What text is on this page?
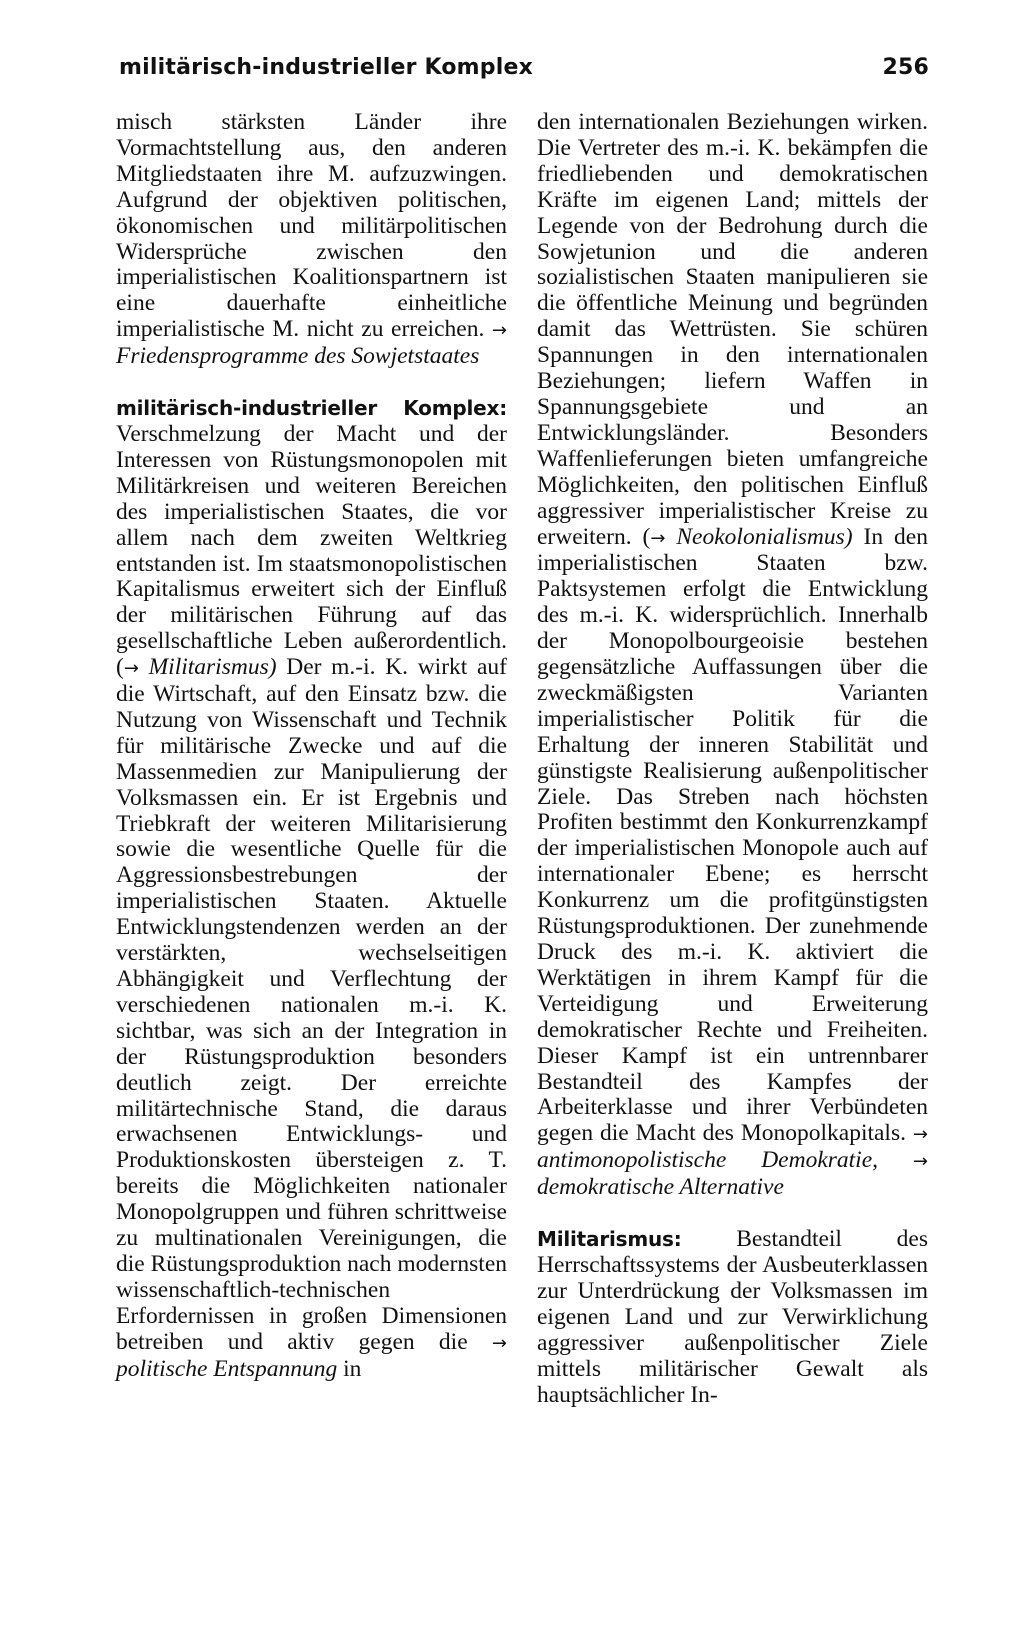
militärisch-industrieller Komplex	256

misch stärksten Länder ihre Vormachtstellung aus, den anderen Mitgliedstaaten ihre M. aufzuzwingen. Aufgrund der objektiven politischen, ökonomischen und militärpolitischen Widersprüche zwischen den imperialistischen Koalitionspartnern ist eine dauerhafte einheitliche imperialistische M. nicht zu erreichen. → Friedensprogramme des Sowjetstaates

militärisch-industrieller Komplex: Verschmelzung der Macht und der Interessen von Rüstungsmonopolen mit Militärkreisen und weiteren Bereichen des imperialistischen Staates, die vor allem nach dem zweiten Weltkrieg entstanden ist. Im staatsmonopolistischen Kapitalismus erweitert sich der Einfluß der militärischen Führung auf das gesellschaftliche Leben außerordentlich. (→ Militarismus) Der m.-i. K. wirkt auf die Wirtschaft, auf den Einsatz bzw. die Nutzung von Wissenschaft und Technik für militärische Zwecke und auf die Massenmedien zur Manipulierung der Volksmassen ein. Er ist Ergebnis und Triebkraft der weiteren Militarisierung sowie die wesentliche Quelle für die Aggressionsbestrebungen der imperialistischen Staaten. Aktuelle Entwicklungstendenzen werden an der verstärkten, wechselseitigen Abhängigkeit und Verflechtung der verschiedenen nationalen m.-i. K. sichtbar, was sich an der Integration in der Rüstungsproduktion besonders deutlich zeigt. Der erreichte militärtechnische Stand, die daraus erwachsenen Entwicklungs- und Produktionskosten übersteigen z. T. bereits die Möglichkeiten nationaler Monopolgruppen und führen schrittweise zu multinationalen Vereinigungen, die die Rüstungsproduktion nach modernsten wissenschaftlich-technischen Erfordernissen in großen Dimensionen betreiben und aktiv gegen die → politische Entspannung in

den internationalen Beziehungen wirken. Die Vertreter des m.-i. K. bekämpfen die friedliebenden und demokratischen Kräfte im eigenen Land; mittels der Legende von der Bedrohung durch die Sowjetunion und die anderen sozialistischen Staaten manipulieren sie die öffentliche Meinung und begründen damit das Wettrüsten. Sie schüren Spannungen in den internationalen Beziehungen; liefern Waffen in Spannungsgebiete und an Entwicklungsländer. Besonders Waffenlieferungen bieten umfangreiche Möglichkeiten, den politischen Einfluß aggressiver imperialistischer Kreise zu erweitern. (→ Neokolonialismus) In den imperialistischen Staaten bzw. Paktsystemen erfolgt die Entwicklung des m.-i. K. widersprüchlich. Innerhalb der Monopolbourgeoisie bestehen gegensätzliche Auffassungen über die zweckmäßigsten Varianten imperialistischer Politik für die Erhaltung der inneren Stabilität und günstigste Realisierung außenpolitischer Ziele. Das Streben nach höchsten Profiten bestimmt den Konkurrenzkampf der imperialistischen Monopole auch auf internationaler Ebene; es herrscht Konkurrenz um die profitgünstigsten Rüstungsproduktionen. Der zunehmende Druck des m.-i. K. aktiviert die Werktätigen in ihrem Kampf für die Verteidigung und Erweiterung demokratischer Rechte und Freiheiten. Dieser Kampf ist ein untrennbarer Bestandteil des Kampfes der Arbeiterklasse und ihrer Verbündeten gegen die Macht des Monopolkapitals. → antimonopolistische Demokratie, → demokratische Alternative

Militarismus: Bestandteil des Herrschaftssystems der Ausbeuterklassen zur Unterdrückung der Volksmassen im eigenen Land und zur Verwirklichung aggressiver außenpolitischer Ziele mittels militärischer Gewalt als hauptsächlicher In-
